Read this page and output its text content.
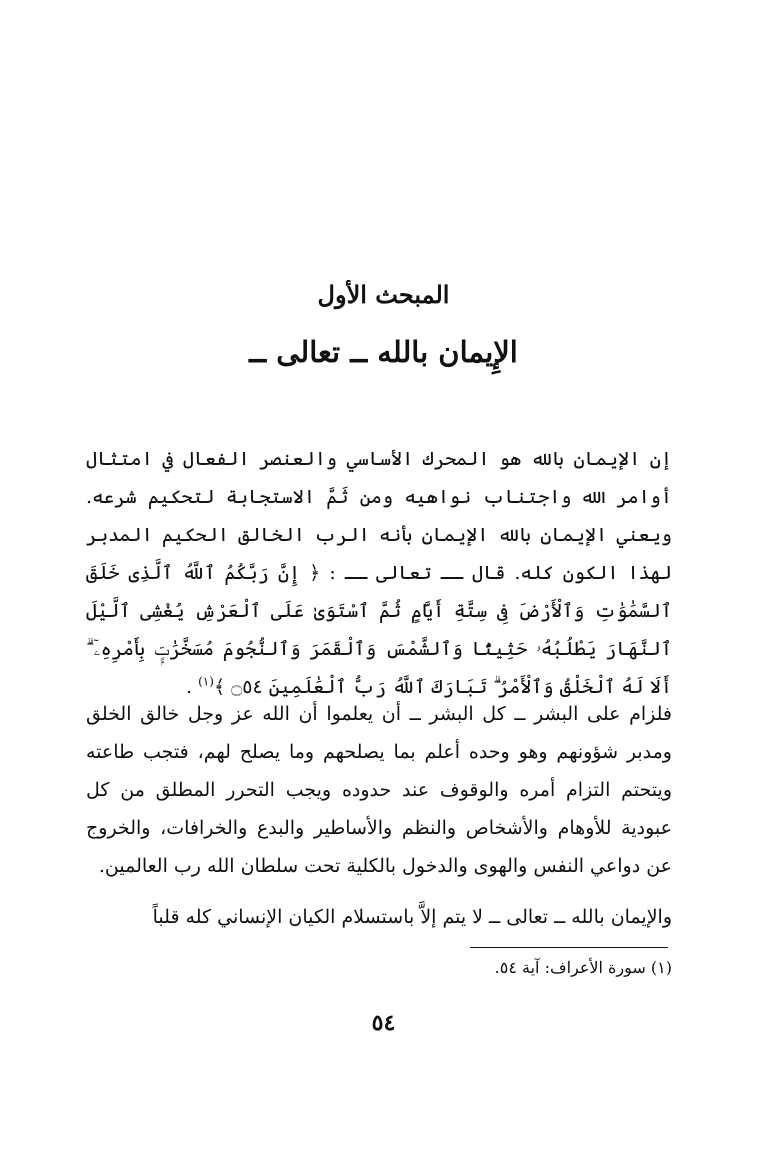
المبحث الأول
الإِيمان بالله ــ تعالى ــ

إن الإيمان بالله هو المحرك الأساسي والعنصر الفعال في امتثال أوامر الله واجتناب نواهيه ومن ثَمَّ الاستجابة لتحكيم شرعه. ويعني الإيمان بالله الإيمان بأنه الرب الخالق الحكيم المدبر لهذا الكون كله. قال ــ تعالى ــ : ﴿ إِنَّ رَبَّكُمُ ٱللَّهُ ٱلَّذِى خَلَقَ ٱلسَّمَٰوَٰتِ وَٱلْأَرْضَ فِى سِتَّةِ أَيَّامٍ ثُمَّ ٱسْتَوَىٰ عَلَى ٱلْعَرْشِ يُغْشِى ٱلَّيْلَ ٱلنَّهَارَ يَطْلُبُهُۥ حَثِيثًا وَٱلشَّمْسَ وَٱلْقَمَرَ وَٱلنُّجُومَ مُسَخَّرَٰتٍۭ بِأَمْرِهِۦٓ ۗ أَلَا لَهُ ٱلْخَلْقُ وَٱلْأَمْرُ ۗ تَبَارَكَ ٱللَّهُ رَبُّ ٱلْعَٰلَمِينَ ۝٥٤ ﴾$^{(١)}$ .

فلزام على البشر ــ كل البشر ــ أن يعلموا أن الله عز وجل خالق الخلق ومدبر شؤونهم وهو وحده أعلم بما يصلحهم وما يصلح لهم، فتجب طاعته ويتحتم التزام أمره والوقوف عند حدوده ويجب التحرر المطلق من كل عبودية للأوهام والأشخاص والنظم والأساطير والبدع والخرافات، والخروج عن دواعي النفس والهوى والدخول بالكلية تحت سلطان الله رب العالمين.

والإيمان بالله ــ تعالى ــ لا يتم إلاَّ باستسلام الكيان الإنساني كله قلباً

(١) سورة الأعراف: آية ٥٤.
٥٤
